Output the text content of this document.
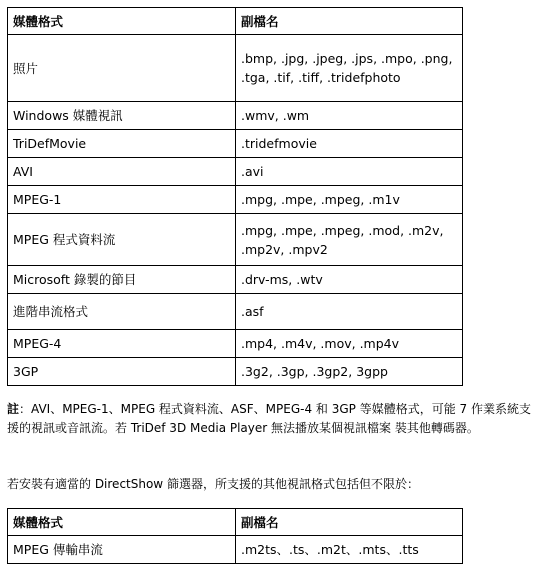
媒體格式	副檔名
照片	.bmp, .jpg, .jpeg, .jps, .mpo, .png, .tga, .tif, .tiff, .tridefphoto
Windows 媒體視訊	.wmv, .wm
TriDefMovie	.tridefmovie
AVI	.avi
MPEG-1	.mpg, .mpe, .mpeg, .m1v
MPEG 程式資料流	.mpg, .mpe, .mpeg, .mod, .m2v, .mp2v, .mpv2
Microsoft 錄製的節目	.drv-ms, .wtv
進階串流格式	.asf
MPEG-4	.mp4, .m4v, .mov, .mp4v
3GP	.3g2, .3gp, .3gp2, 3gpp

註：AVI、MPEG-1、MPEG 程式資料流、ASF、MPEG-4 和 3GP 等媒體格式，可能 7 作業系統支援的視訊或音訊流。若 TriDef 3D Media Player 無法播放某個視訊檔案 裝其他轉碼器。

若安裝有適當的 DirectShow 篩選器，所支援的其他視訊格式包括但不限於：

媒體格式	副檔名
MPEG 傳輸串流	.m2ts、.ts、.m2t、.mts、.tts
